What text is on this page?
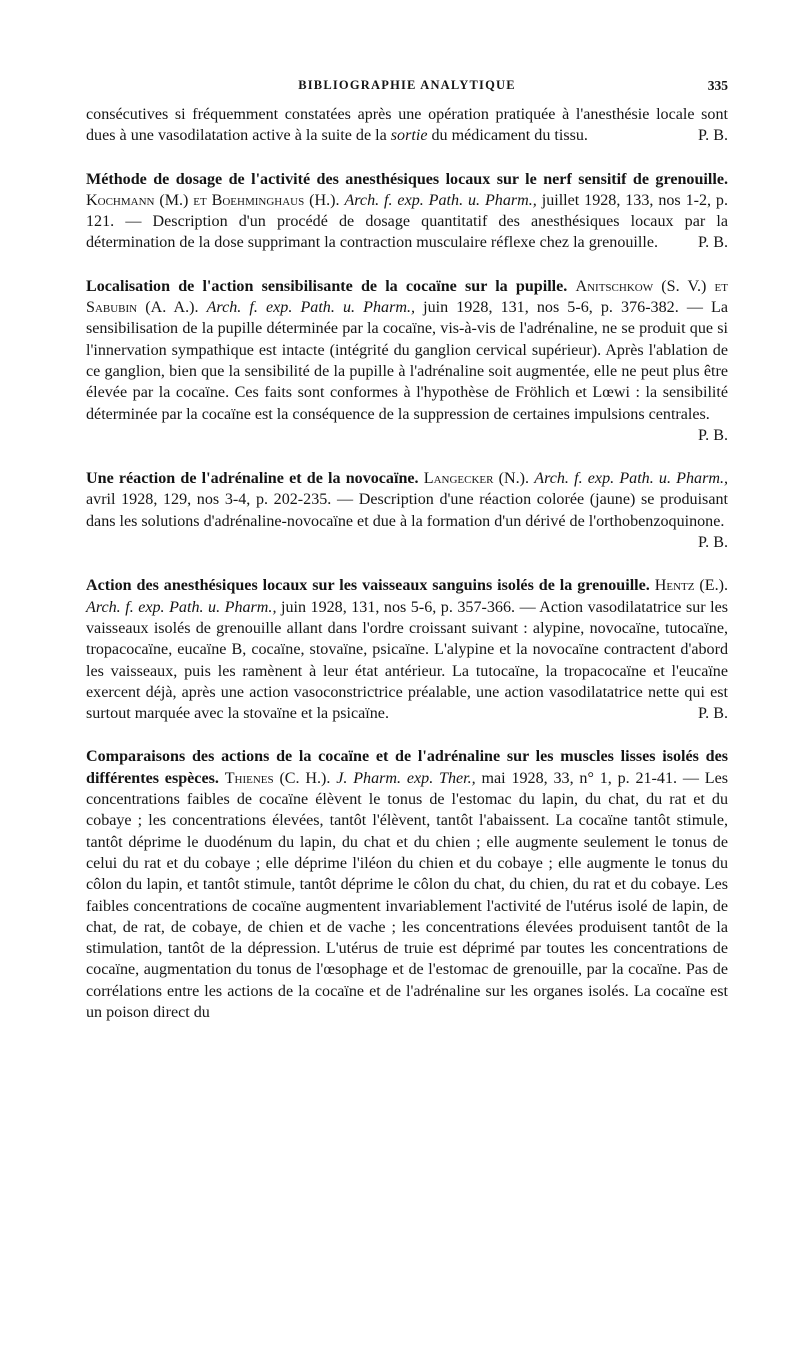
BIBLIOGRAPHIE ANALYTIQUE	335

consécutives si fréquemment constatées après une opération pratiquée à l'anesthésie locale sont dues à une vasodilatation active à la suite de la sortie du médicament du tissu.	P. B.

Méthode de dosage de l'activité des anesthésiques locaux sur le nerf sensitif de grenouille. Kochmann (M.) et Boehminghaus (H.). Arch. f. exp. Path. u. Pharm., juillet 1928, 133, nos 1-2, p. 121. — Description d'un procédé de dosage quantitatif des anesthésiques locaux par la détermination de la dose supprimant la contraction musculaire réflexe chez la grenouille. P. B.

Localisation de l'action sensibilisante de la cocaïne sur la pupille. Anitschkow (S. V.) et Sabubin (A. A.). Arch. f. exp. Path. u. Pharm., juin 1928, 131, nos 5-6, p. 376-382. — La sensibilisation de la pupille déterminée par la cocaïne, vis-à-vis de l'adrénaline, ne se produit que si l'innervation sympathique est intacte (intégrité du ganglion cervical supérieur). Après l'ablation de ce ganglion, bien que la sensibilité de la pupille à l'adrénaline soit augmentée, elle ne peut plus être élevée par la cocaïne. Ces faits sont conformes à l'hypothèse de Fröhlich et Lœwi : la sensibilité déterminée par la cocaïne est la conséquence de la suppression de certaines impulsions centrales.
P. B.

Une réaction de l'adrénaline et de la novocaïne. Langecker (N.). Arch. f. exp. Path. u. Pharm., avril 1928, 129, nos 3-4, p. 202-235. — Description d'une réaction colorée (jaune) se produisant dans les solutions d'adrénaline-novocaïne et due à la formation d'un dérivé de l'orthobenzoquinone.
P. B.

Action des anesthésiques locaux sur les vaisseaux sanguins isolés de la grenouille. Hentz (E.). Arch. f. exp. Path. u. Pharm., juin 1928, 131, nos 5-6, p. 357-366. — Action vasodilatatrice sur les vaisseaux isolés de grenouille allant dans l'ordre croissant suivant : alypine, novocaïne, tutocaïne, tropacocaïne, eucaïne B, cocaïne, stovaïne, psicaïne. L'alypine et la novocaïne contractent d'abord les vaisseaux, puis les ramènent à leur état antérieur. La tutocaïne, la tropacocaïne et l'eucaïne exercent déjà, après une action vasoconstrictrice préalable, une action vasodilatatrice nette qui est surtout marquée avec la stovaïne et la psicaïne.	P. B.

Comparaisons des actions de la cocaïne et de l'adrénaline sur les muscles lisses isolés des différentes espèces. Thienes (C. H.). J. Pharm. exp. Ther., mai 1928, 33, n° 1, p. 21-41. — Les concentrations faibles de cocaïne élèvent le tonus de l'estomac du lapin, du chat, du rat et du cobaye ; les concentrations élevées, tantôt l'élèvent, tantôt l'abaissent. La cocaïne tantôt stimule, tantôt déprime le duodénum du lapin, du chat et du chien ; elle augmente seulement le tonus de celui du rat et du cobaye ; elle déprime l'iléon du chien et du cobaye ; elle augmente le tonus du côlon du lapin, et tantôt stimule, tantôt déprime le côlon du chat, du chien, du rat et du cobaye. Les faibles concentrations de cocaïne augmentent invariablement l'activité de l'utérus isolé de lapin, de chat, de rat, de cobaye, de chien et de vache ; les concentrations élevées produisent tantôt de la stimulation, tantôt de la dépression. L'utérus de truie est déprimé par toutes les concentrations de cocaïne, augmentation du tonus de l'œsophage et de l'estomac de grenouille, par la cocaïne. Pas de corrélations entre les actions de la cocaïne et de l'adrénaline sur les organes isolés. La cocaïne est un poison direct du
